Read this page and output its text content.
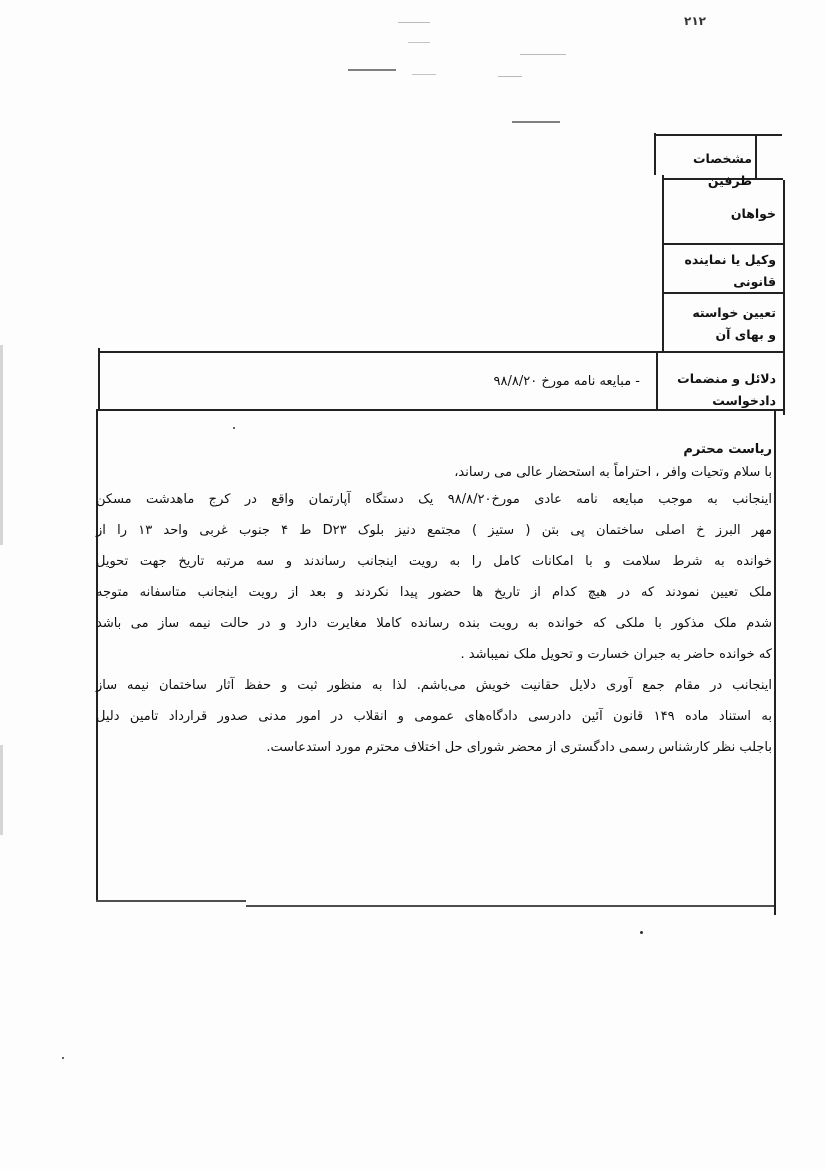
۲۱۲
مشخصات طرفین
خواهان
وکیل یا نماینده
قانونی
تعیین خواسته
و بهای آن
دلائل و منضمات
دادخواست
- مبایعه نامه مورخ ۹۸/۸/۲۰
ریاست محترم
با سلام وتحیات وافر ، احتراماً به استحضار عالی می رساند،
اینجانب به موجب مبایعه نامه عادی مورخ۹۸/۸/۲۰ یک دستگاه آپارتمان واقع در کرج ماهدشت مسکن
مهر البرز خ اصلی ساختمان پی بتن ( ستیز ) مجتمع دنیز بلوک D۲۳ ط ۴ جنوب غربی واحد ۱۳ را از
خوانده به شرط سلامت و با امکانات کامل را به رویت اینجانب رساندند و سه مرتبه تاریخ جهت تحویل
ملک تعیین نمودند که در هیچ کدام از تاریخ ها حضور پیدا نکردند و بعد از رویت اینجانب متاسفانه متوجه
شدم ملک مذکور با ملکی که خوانده به رویت بنده رسانده کاملا مغایرت دارد و در حالت نیمه ساز می باشد
که خوانده حاضر به جبران خسارت و تحویل ملک نمیباشد .
اینجانب در مقام جمع آوری دلایل حقانیت خویش می‌باشم. لذا به منظور ثبت و حفظ آثار ساختمان نیمه ساز
به استناد ماده ۱۴۹ قانون آئین دادرسی دادگاه‌های عمومی و انقلاب در امور مدنی صدور قرارداد تامین دلیل
باجلب نظر کارشناس رسمی دادگستری از محضر شورای حل اختلاف محترم مورد استدعاست.
